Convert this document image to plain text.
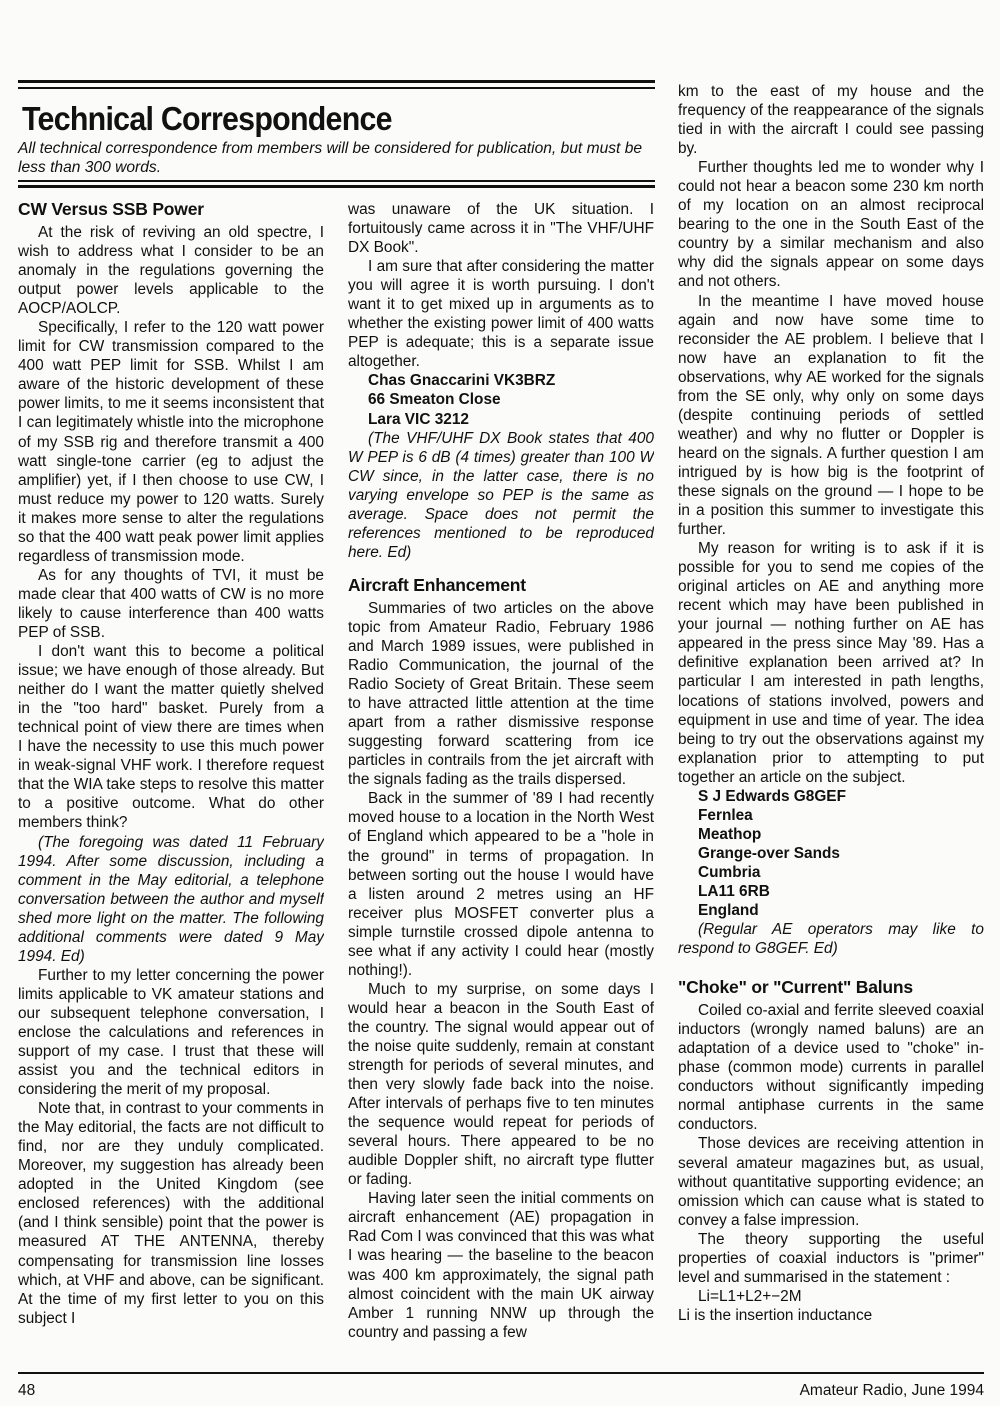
Technical Correspondence

All technical correspondence from members will be considered for publication, but must be less than 300 words.

CW Versus SSB Power

At the risk of reviving an old spectre, I wish to address what I consider to be an anomaly in the regulations governing the output power levels applicable to the AOCP/AOLCP.

Specifically, I refer to the 120 watt power limit for CW transmission compared to the 400 watt PEP limit for SSB. Whilst I am aware of the historic development of these power limits, to me it seems inconsistent that I can legitimately whistle into the microphone of my SSB rig and therefore transmit a 400 watt single-tone carrier (eg to adjust the amplifier) yet, if I then choose to use CW, I must reduce my power to 120 watts. Surely it makes more sense to alter the regulations so that the 400 watt peak power limit applies regardless of transmission mode.

As for any thoughts of TVI, it must be made clear that 400 watts of CW is no more likely to cause interference than 400 watts PEP of SSB.

I don't want this to become a political issue; we have enough of those already. But neither do I want the matter quietly shelved in the "too hard" basket. Purely from a technical point of view there are times when I have the necessity to use this much power in weak-signal VHF work. I therefore request that the WIA take steps to resolve this matter to a positive outcome. What do other members think?

(The foregoing was dated 11 February 1994. After some discussion, including a comment in the May editorial, a telephone conversation between the author and myself shed more light on the matter. The following additional comments were dated 9 May 1994. Ed)

Further to my letter concerning the power limits applicable to VK amateur stations and our subsequent telephone conversation, I enclose the calculations and references in support of my case. I trust that these will assist you and the technical editors in considering the merit of my proposal.

Note that, in contrast to your comments in the May editorial, the facts are not difficult to find, nor are they unduly complicated. Moreover, my suggestion has already been adopted in the United Kingdom (see enclosed references) with the additional (and I think sensible) point that the power is measured AT THE ANTENNA, thereby compensating for transmission line losses which, at VHF and above, can be significant. At the time of my first letter to you on this subject I

was unaware of the UK situation. I fortuitously came across it in "The VHF/UHF DX Book".

I am sure that after considering the matter you will agree it is worth pursuing. I don't want it to get mixed up in arguments as to whether the existing power limit of 400 watts PEP is adequate; this is a separate issue altogether.

Chas Gnaccarini VK3BRZ

66 Smeaton Close

Lara VIC 3212

(The VHF/UHF DX Book states that 400 W PEP is 6 dB (4 times) greater than 100 W CW since, in the latter case, there is no varying envelope so PEP is the same as average. Space does not permit the references mentioned to be reproduced here. Ed)

Aircraft Enhancement

Summaries of two articles on the above topic from Amateur Radio, February 1986 and March 1989 issues, were published in Radio Communication, the journal of the Radio Society of Great Britain. These seem to have attracted little attention at the time apart from a rather dismissive response suggesting forward scattering from ice particles in contrails from the jet aircraft with the signals fading as the trails dispersed.

Back in the summer of '89 I had recently moved house to a location in the North West of England which appeared to be a "hole in the ground" in terms of propagation. In between sorting out the house I would have a listen around 2 metres using an HF receiver plus MOSFET converter plus a simple turnstile crossed dipole antenna to see what if any activity I could hear (mostly nothing!).

Much to my surprise, on some days I would hear a beacon in the South East of the country. The signal would appear out of the noise quite suddenly, remain at constant strength for periods of several minutes, and then very slowly fade back into the noise. After intervals of perhaps five to ten minutes the sequence would repeat for periods of several hours. There appeared to be no audible Doppler shift, no aircraft type flutter or fading.

Having later seen the initial comments on aircraft enhancement (AE) propagation in Rad Com I was convinced that this was what I was hearing — the baseline to the beacon was 400 km approximately, the signal path almost coincident with the main UK airway Amber 1 running NNW up through the country and passing a few

km to the east of my house and the frequency of the reappearance of the signals tied in with the aircraft I could see passing by.

Further thoughts led me to wonder why I could not hear a beacon some 230 km north of my location on an almost reciprocal bearing to the one in the South East of the country by a similar mechanism and also why did the signals appear on some days and not others.

In the meantime I have moved house again and now have some time to reconsider the AE problem. I believe that I now have an explanation to fit the observations, why AE worked for the signals from the SE only, why only on some days (despite continuing periods of settled weather) and why no flutter or Doppler is heard on the signals. A further question I am intrigued by is how big is the footprint of these signals on the ground — I hope to be in a position this summer to investigate this further.

My reason for writing is to ask if it is possible for you to send me copies of the original articles on AE and anything more recent which may have been published in your journal — nothing further on AE has appeared in the press since May '89. Has a definitive explanation been arrived at? In particular I am interested in path lengths, locations of stations involved, powers and equipment in use and time of year. The idea being to try out the observations against my explanation prior to attempting to put together an article on the subject.

S J Edwards G8GEF

Fernlea

Meathop

Grange-over Sands

Cumbria

LA11 6RB

England

(Regular AE operators may like to respond to G8GEF. Ed)

"Choke" or "Current" Baluns

Coiled co-axial and ferrite sleeved coaxial inductors (wrongly named baluns) are an adaptation of a device used to "choke" in-phase (common mode) currents in parallel conductors without significantly impeding normal antiphase currents in the same conductors.

Those devices are receiving attention in several amateur magazines but, as usual, without quantitative supporting evidence; an omission which can cause what is stated to convey a false impression.

The theory supporting the useful properties of coaxial inductors is "primer" level and summarised in the statement :

Li=L1+L2+−2M

Li is the insertion inductance

48	Amateur Radio, June 1994
